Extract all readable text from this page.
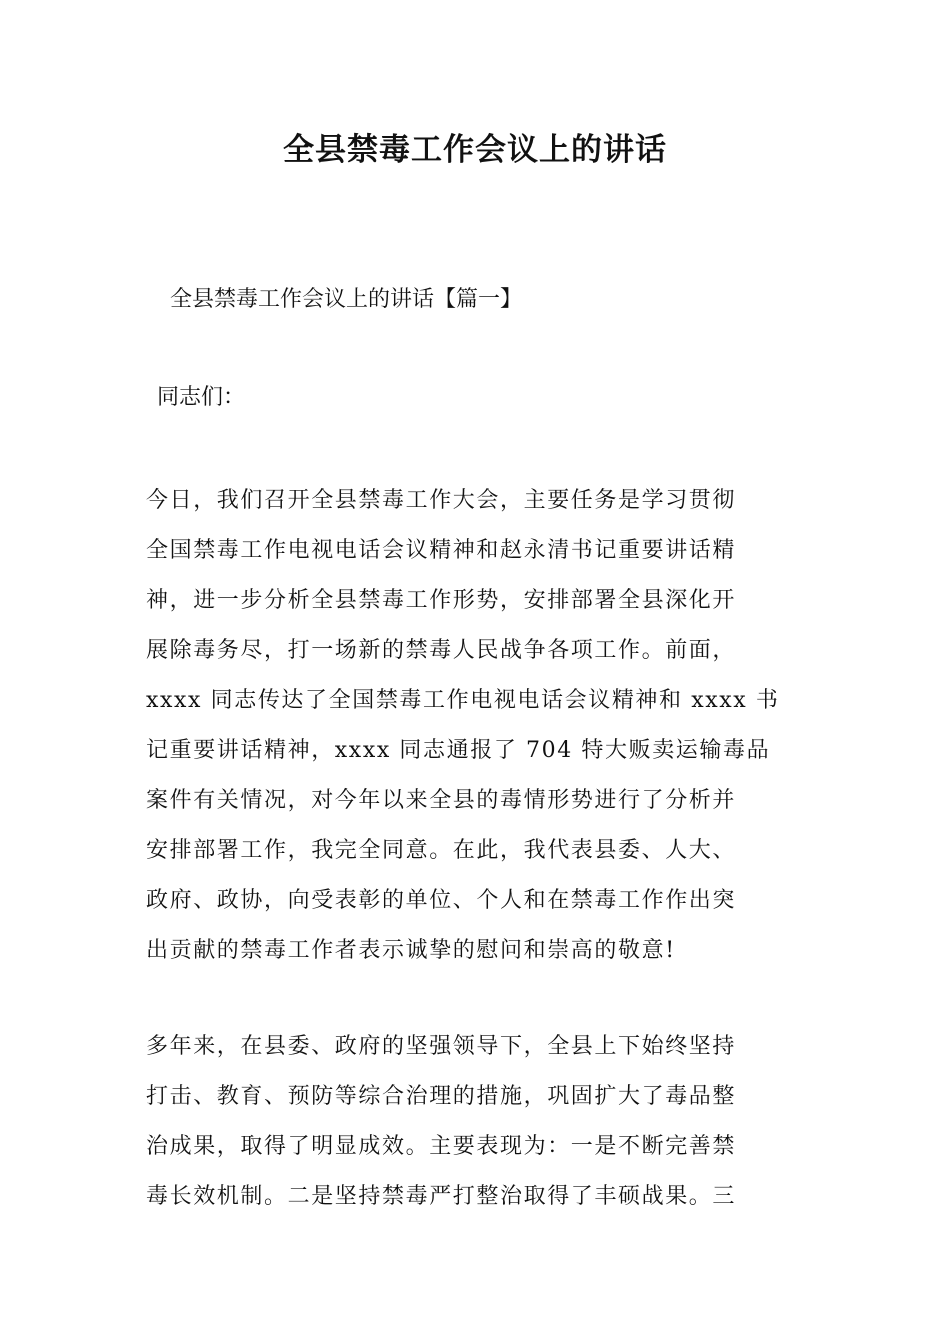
全县禁毒工作会议上的讲话
全县禁毒工作会议上的讲话【篇一】
同志们：
今日，我们召开全县禁毒工作大会，主要任务是学习贯彻
全国禁毒工作电视电话会议精神和赵永清书记重要讲话精
神，进一步分析全县禁毒工作形势，安排部署全县深化开
展除毒务尽，打一场新的禁毒人民战争各项工作。前面，
xxxx 同志传达了全国禁毒工作电视电话会议精神和 xxxx 书
记重要讲话精神，xxxx 同志通报了 704 特大贩卖运输毒品
案件有关情况，对今年以来全县的毒情形势进行了分析并
安排部署工作，我完全同意。在此，我代表县委、人大、
政府、政协，向受表彰的单位、个人和在禁毒工作作出突
出贡献的禁毒工作者表示诚挚的慰问和崇高的敬意!
多年来，在县委、政府的坚强领导下，全县上下始终坚持
打击、教育、预防等综合治理的措施，巩固扩大了毒品整
治成果，取得了明显成效。主要表现为：一是不断完善禁
毒长效机制。二是坚持禁毒严打整治取得了丰硕战果。三
